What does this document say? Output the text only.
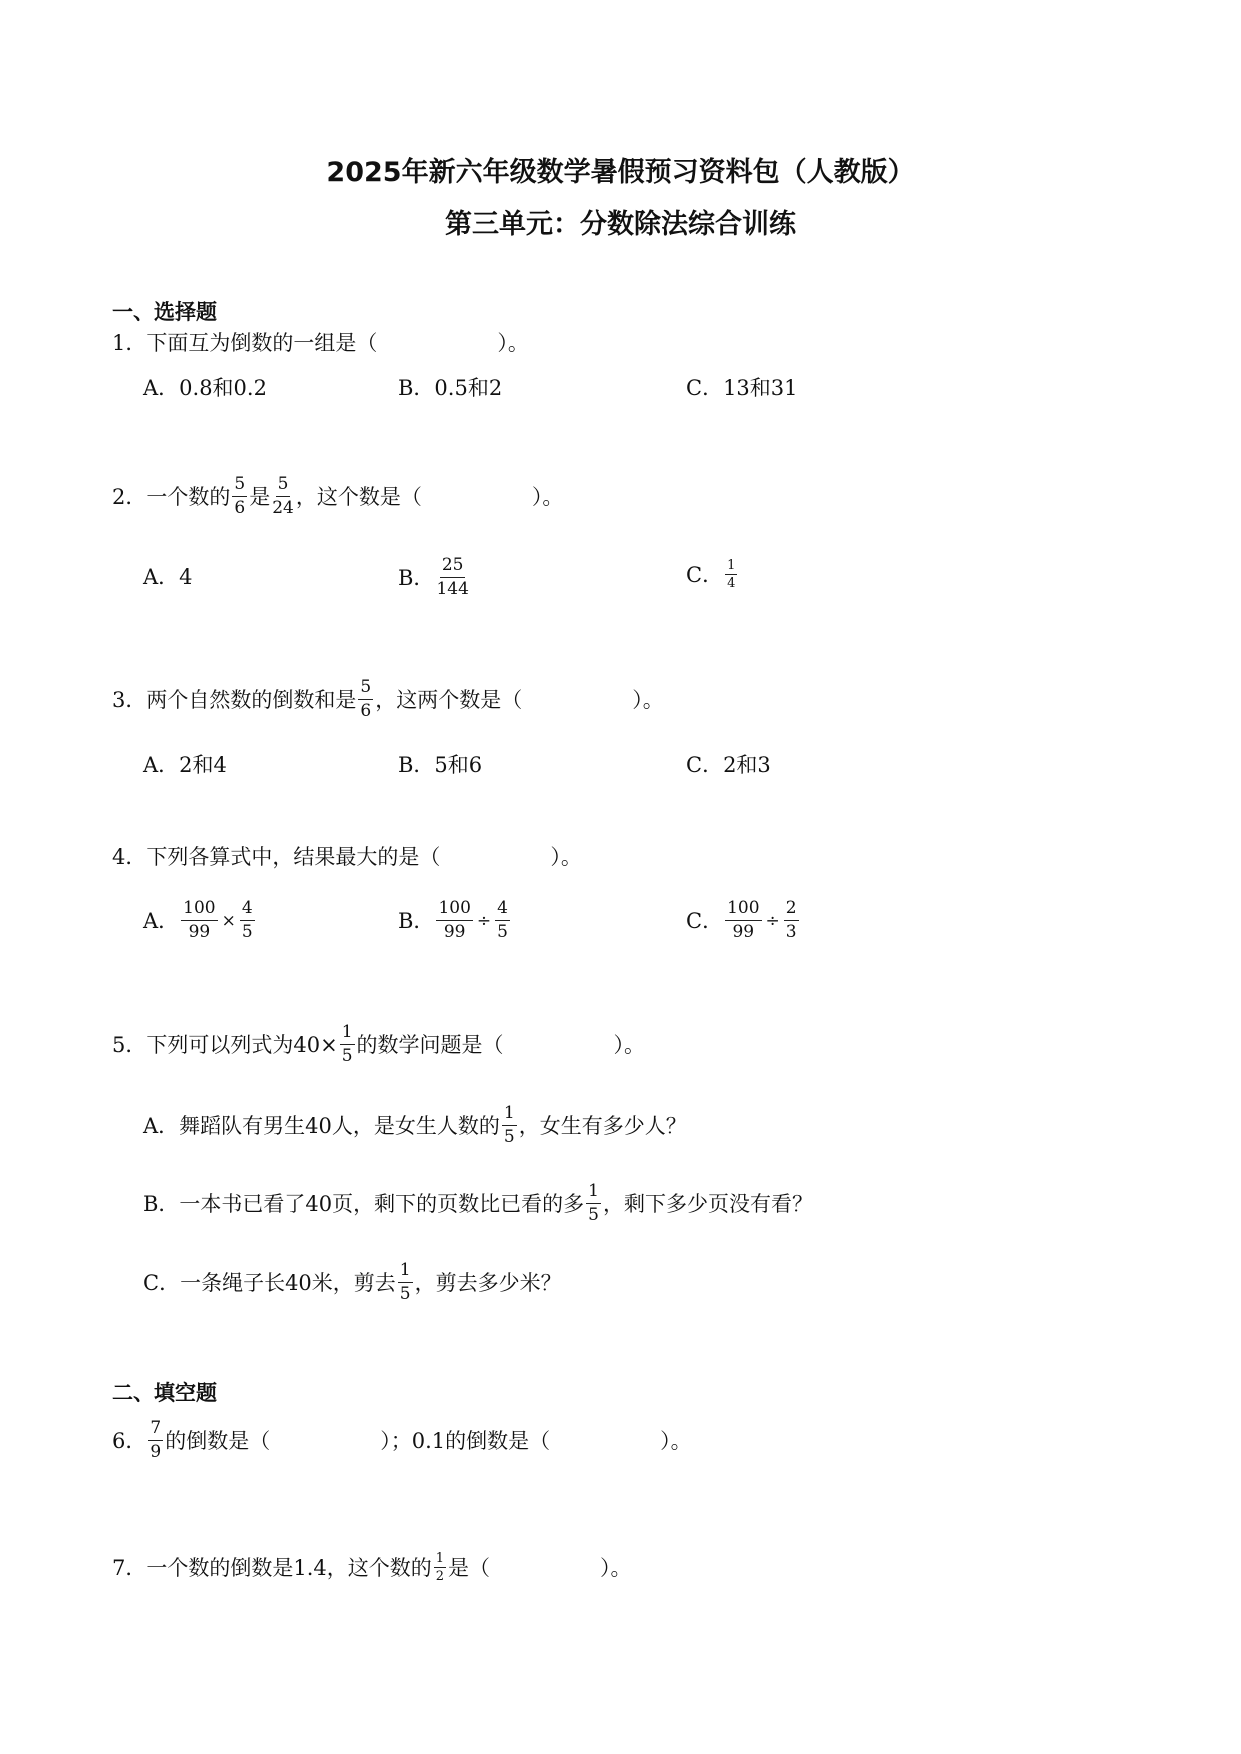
2025年新六年级数学暑假预习资料包（人教版）
第三单元：分数除法综合训练
一、选择题
1．下面互为倒数的一组是（	）。
A．0.8和0.2	B．0.5和2	C．13和31
2．一个数的 $\frac{5}{6}$ 是 $\frac{5}{24}$ ，这个数是（	）。
A．4	B． $\frac{25}{144}$	C． $\frac{1}{4}$
3．两个自然数的倒数和是 $\frac{5}{6}$ ，这两个数是（	）。
A．2和4	B．5和6	C．2和3
4．下列各算式中，结果最大的是（	）。
A． $\frac{100}{99} \times \frac{4}{5}$	B． $\frac{100}{99} \div \frac{4}{5}$	C． $\frac{100}{99} \div \frac{2}{3}$
5．下列可以列式为$40\times \frac{1}{5}$ 的数学问题是（	）。
A．舞蹈队有男生40人，是女生人数的 $\frac{1}{5}$ ，女生有多少人？
B．一本书已看了40页，剩下的页数比已看的多 $\frac{1}{5}$ ，剩下多少页没有看？
C．一条绳子长40米，剪去 $\frac{1}{5}$ ，剪去多少米？
二、填空题
6． $\frac{7}{9}$ 的倒数是（	）；0.1的倒数是（	）。
7．一个数的倒数是1.4，这个数的 $\frac{1}{2}$ 是（	）。
